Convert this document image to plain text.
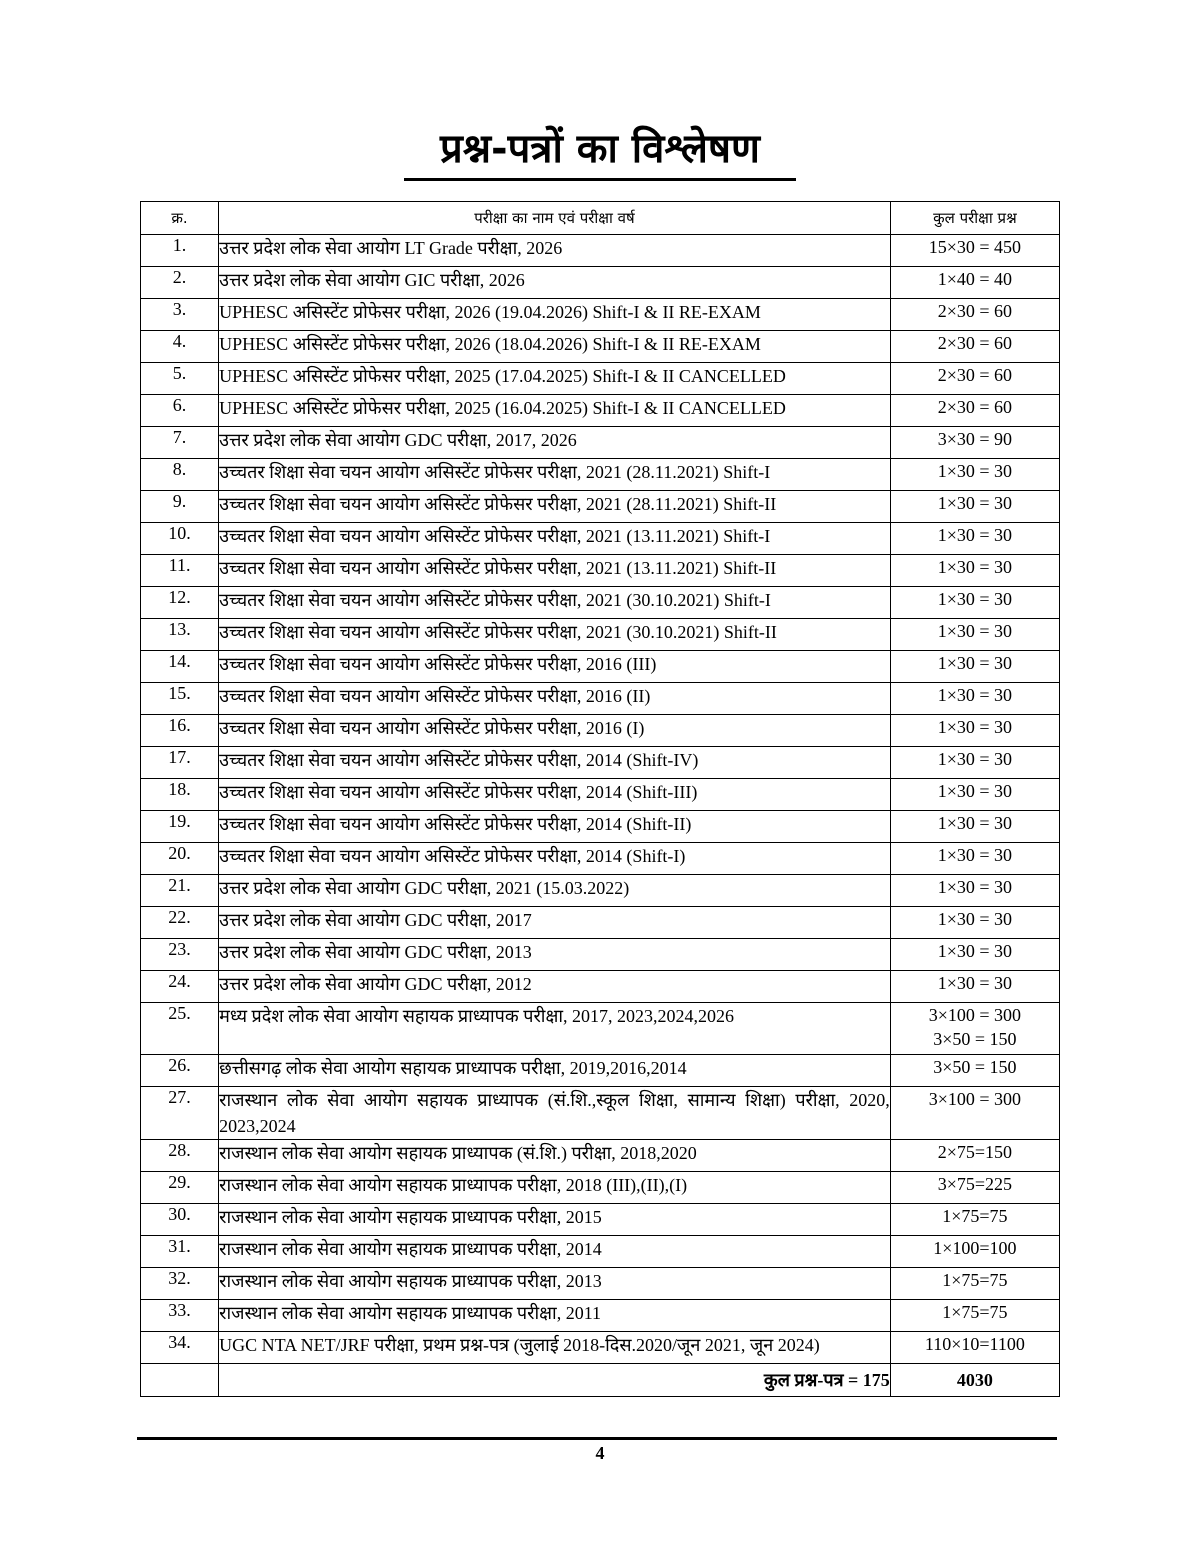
प्रश्न-पत्रों का विश्लेषण
क्र.	परीक्षा का नाम एवं परीक्षा वर्ष	कुल परीक्षा प्रश्न
1.	उत्तर प्रदेश लोक सेवा आयोग LT Grade परीक्षा, 2026	15×30 = 450

2.	उत्तर प्रदेश लोक सेवा आयोग GIC परीक्षा, 2026	1×40 = 40

3.	UPHESC असिस्टेंट प्रोफेसर परीक्षा, 2026 (19.04.2026) Shift-I & II RE-EXAM	2×30 = 60

4.	UPHESC असिस्टेंट प्रोफेसर परीक्षा, 2026 (18.04.2026) Shift-I & II RE-EXAM	2×30 = 60

5.	UPHESC असिस्टेंट प्रोफेसर परीक्षा, 2025 (17.04.2025) Shift-I & II CANCELLED	2×30 = 60

6.	UPHESC असिस्टेंट प्रोफेसर परीक्षा, 2025 (16.04.2025) Shift-I & II CANCELLED	2×30 = 60

7.	उत्तर प्रदेश लोक सेवा आयोग GDC परीक्षा, 2017, 2026	3×30 = 90

8.	उच्चतर शिक्षा सेवा चयन आयोग असिस्टेंट प्रोफेसर परीक्षा, 2021 (28.11.2021) Shift-I	1×30 = 30

9.	उच्चतर शिक्षा सेवा चयन आयोग असिस्टेंट प्रोफेसर परीक्षा, 2021 (28.11.2021) Shift-II	1×30 = 30

10.	उच्चतर शिक्षा सेवा चयन आयोग असिस्टेंट प्रोफेसर परीक्षा, 2021 (13.11.2021) Shift-I	1×30 = 30

11.	उच्चतर शिक्षा सेवा चयन आयोग असिस्टेंट प्रोफेसर परीक्षा, 2021 (13.11.2021) Shift-II	1×30 = 30

12.	उच्चतर शिक्षा सेवा चयन आयोग असिस्टेंट प्रोफेसर परीक्षा, 2021 (30.10.2021) Shift-I	1×30 = 30

13.	उच्चतर शिक्षा सेवा चयन आयोग असिस्टेंट प्रोफेसर परीक्षा, 2021 (30.10.2021) Shift-II	1×30 = 30

14.	उच्चतर शिक्षा सेवा चयन आयोग असिस्टेंट प्रोफेसर परीक्षा, 2016 (III)	1×30 = 30

15.	उच्चतर शिक्षा सेवा चयन आयोग असिस्टेंट प्रोफेसर परीक्षा, 2016 (II)	1×30 = 30

16.	उच्चतर शिक्षा सेवा चयन आयोग असिस्टेंट प्रोफेसर परीक्षा, 2016 (I)	1×30 = 30

17.	उच्चतर शिक्षा सेवा चयन आयोग असिस्टेंट प्रोफेसर परीक्षा, 2014 (Shift-IV)	1×30 = 30

18.	उच्चतर शिक्षा सेवा चयन आयोग असिस्टेंट प्रोफेसर परीक्षा, 2014 (Shift-III)	1×30 = 30

19.	उच्चतर शिक्षा सेवा चयन आयोग असिस्टेंट प्रोफेसर परीक्षा, 2014 (Shift-II)	1×30 = 30

20.	उच्चतर शिक्षा सेवा चयन आयोग असिस्टेंट प्रोफेसर परीक्षा, 2014 (Shift-I)	1×30 = 30

21.	उत्तर प्रदेश लोक सेवा आयोग GDC परीक्षा, 2021 (15.03.2022)	1×30 = 30

22.	उत्तर प्रदेश लोक सेवा आयोग GDC परीक्षा, 2017	1×30 = 30

23.	उत्तर प्रदेश लोक सेवा आयोग GDC परीक्षा, 2013	1×30 = 30

24.	उत्तर प्रदेश लोक सेवा आयोग GDC परीक्षा, 2012	1×30 = 30

25.	मध्य प्रदेश लोक सेवा आयोग सहायक प्राध्यापक परीक्षा, 2017, 2023,2024,2026	3×100 = 300
3×50 = 150

26.	छत्तीसगढ़ लोक सेवा आयोग सहायक प्राध्यापक परीक्षा, 2019,2016,2014	3×50 = 150

27.	राजस्थान लोक सेवा आयोग सहायक प्राध्यापक (सं.शि.,स्कूल शिक्षा, सामान्य शिक्षा) परीक्षा, 2020, 2023,2024	3×100 = 300

28.	राजस्थान लोक सेवा आयोग सहायक प्राध्यापक (सं.शि.) परीक्षा, 2018,2020	2×75=150

29.	राजस्थान लोक सेवा आयोग सहायक प्राध्यापक परीक्षा, 2018 (III),(II),(I)	3×75=225

30.	राजस्थान लोक सेवा आयोग सहायक प्राध्यापक परीक्षा, 2015	1×75=75

31.	राजस्थान लोक सेवा आयोग सहायक प्राध्यापक परीक्षा, 2014	1×100=100

32.	राजस्थान लोक सेवा आयोग सहायक प्राध्यापक परीक्षा, 2013	1×75=75

33.	राजस्थान लोक सेवा आयोग सहायक प्राध्यापक परीक्षा, 2011	1×75=75

34.	UGC NTA NET/JRF परीक्षा, प्रथम प्रश्न-पत्र (जुलाई 2018-दिस.2020/जून 2021, जून 2024)	110×10=1100

	कुल प्रश्न-पत्र = 175	4030
4
